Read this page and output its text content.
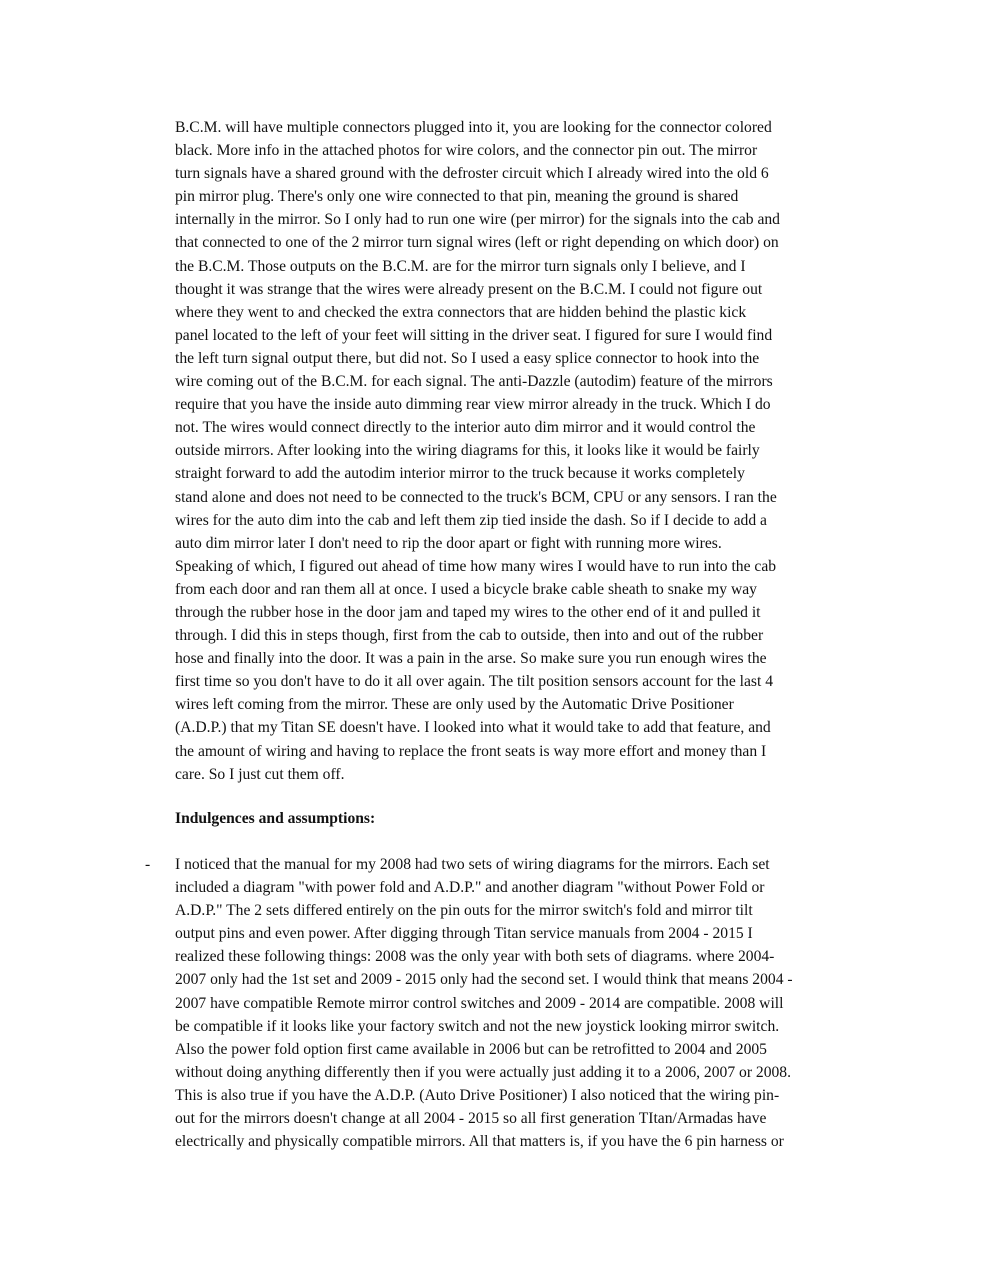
B.C.M. will have multiple connectors plugged into it, you are looking for the connector colored
black. More info in the attached photos for wire colors, and the connector pin out. The mirror
turn signals have a shared ground with the defroster circuit which I already wired into the old 6
pin mirror plug. There's only one wire connected to that pin, meaning the ground is shared
internally in the mirror. So I only had to run one wire (per mirror) for the signals into the cab and
that connected to one of the 2 mirror turn signal wires (left or right depending on which door) on
the B.C.M. Those outputs on the B.C.M. are for the mirror turn signals only I believe, and I
thought it was strange that the wires were already present on the B.C.M. I could not figure out
where they went to and checked the extra connectors that are hidden behind the plastic kick
panel located to the left of your feet will sitting in the driver seat. I figured for sure I would find
the left turn signal output there, but did not. So I used a easy splice connector to hook into the
wire coming out of the B.C.M. for each signal. The anti-Dazzle (autodim) feature of the mirrors
require that you have the inside auto dimming rear view mirror already in the truck. Which I do
not. The wires would connect directly to the interior auto dim mirror and it would control the
outside mirrors. After looking into the wiring diagrams for this, it looks like it would be fairly
straight forward to add the autodim interior mirror to the truck because it works completely
stand alone and does not need to be connected to the truck's BCM, CPU or any sensors. I ran the
wires for the auto dim into the cab and left them zip tied inside the dash. So if I decide to add a
auto dim mirror later I don't need to rip the door apart or fight with running more wires.
Speaking of which, I figured out ahead of time how many wires I would have to run into the cab
from each door and ran them all at once. I used a bicycle brake cable sheath to snake my way
through the rubber hose in the door jam and taped my wires to the other end of it and pulled it
through. I did this in steps though, first from the cab to outside, then into and out of the rubber
hose and finally into the door. It was a pain in the arse. So make sure you run enough wires the
first time so you don't have to do it all over again. The tilt position sensors account for the last 4
wires left coming from the mirror. These are only used by the Automatic Drive Positioner
(A.D.P.) that my Titan SE doesn't have. I looked into what it would take to add that feature, and
the amount of wiring and having to replace the front seats is way more effort and money than I
care. So I just cut them off.
Indulgences and assumptions:
- I noticed that the manual for my 2008 had two sets of wiring diagrams for the mirrors. Each set
included a diagram "with power fold and A.D.P." and another diagram "without Power Fold or
A.D.P." The 2 sets differed entirely on the pin outs for the mirror switch's fold and mirror tilt
output pins and even power. After digging through Titan service manuals from 2004 - 2015 I
realized these following things: 2008 was the only year with both sets of diagrams. where 2004-
2007 only had the 1st set and 2009 - 2015 only had the second set. I would think that means 2004 -
2007 have compatible Remote mirror control switches and 2009 - 2014 are compatible. 2008 will
be compatible if it looks like your factory switch and not the new joystick looking mirror switch.
Also the power fold option first came available in 2006 but can be retrofitted to 2004 and 2005
without doing anything differently then if you were actually just adding it to a 2006, 2007 or 2008.
This is also true if you have the A.D.P. (Auto Drive Positioner) I also noticed that the wiring pin-
out for the mirrors doesn't change at all 2004 - 2015 so all first generation TItan/Armadas have
electrically and physically compatible mirrors. All that matters is, if you have the 6 pin harness or
